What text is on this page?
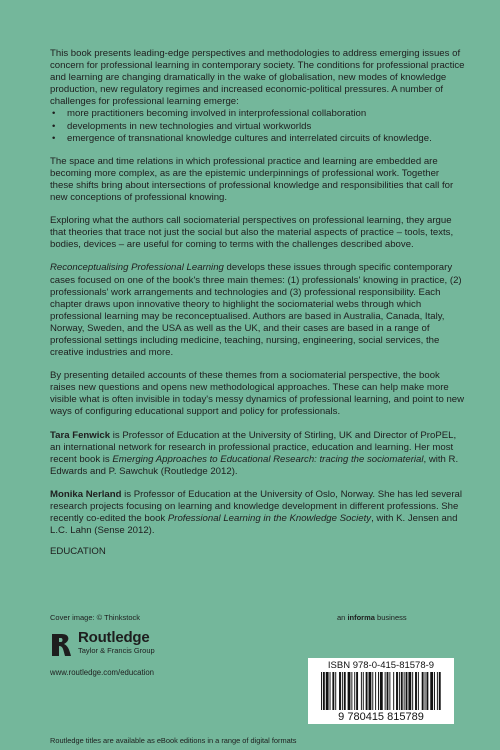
This book presents leading-edge perspectives and methodologies to address emerging issues of concern for professional learning in contemporary society. The conditions for professional practice and learning are changing dramatically in the wake of globalisation, new modes of knowledge production, new regulatory regimes and increased economic-political pressures. A number of challenges for professional learning emerge:
• more practitioners becoming involved in interprofessional collaboration
• developments in new technologies and virtual workworlds
• emergence of transnational knowledge cultures and interrelated circuits of knowledge.

The space and time relations in which professional practice and learning are embedded are becoming more complex, as are the epistemic underpinnings of professional work. Together these shifts bring about intersections of professional knowledge and responsibilities that call for new conceptions of professional knowing.

Exploring what the authors call sociomaterial perspectives on professional learning, they argue that theories that trace not just the social but also the material aspects of practice – tools, texts, bodies, devices – are useful for coming to terms with the challenges described above.

Reconceptualising Professional Learning develops these issues through specific contemporary cases focused on one of the book's three main themes: (1) professionals' knowing in practice, (2) professionals' work arrangements and technologies and (3) professional responsibility. Each chapter draws upon innovative theory to highlight the sociomaterial webs through which professional learning may be reconceptualised. Authors are based in Australia, Canada, Italy, Norway, Sweden, and the USA as well as the UK, and their cases are based in a range of professional settings including medicine, teaching, nursing, engineering, social services, the creative industries and more.

By presenting detailed accounts of these themes from a sociomaterial perspective, the book raises new questions and opens new methodological approaches. These can help make more visible what is often invisible in today's messy dynamics of professional learning, and point to new ways of configuring educational support and policy for professionals.

Tara Fenwick is Professor of Education at the University of Stirling, UK and Director of ProPEL, an international network for research in professional practice, education and learning. Her most recent book is Emerging Approaches to Educational Research: tracing the sociomaterial, with R. Edwards and P. Sawchuk (Routledge 2012).

Monika Nerland is Professor of Education at the University of Oslo, Norway. She has led several research projects focusing on learning and knowledge development in different professions. She recently co-edited the book Professional Learning in the Knowledge Society, with K. Jensen and L.C. Lahn (Sense 2012).

EDUCATION

Cover image: © Thinkstock	an informa business
Routledge
Taylor & Francis Group
www.routledge.com/education
ISBN 978-0-415-81578-9
9 780415 815789
Routledge titles are available as eBook editions in a range of digital formats
